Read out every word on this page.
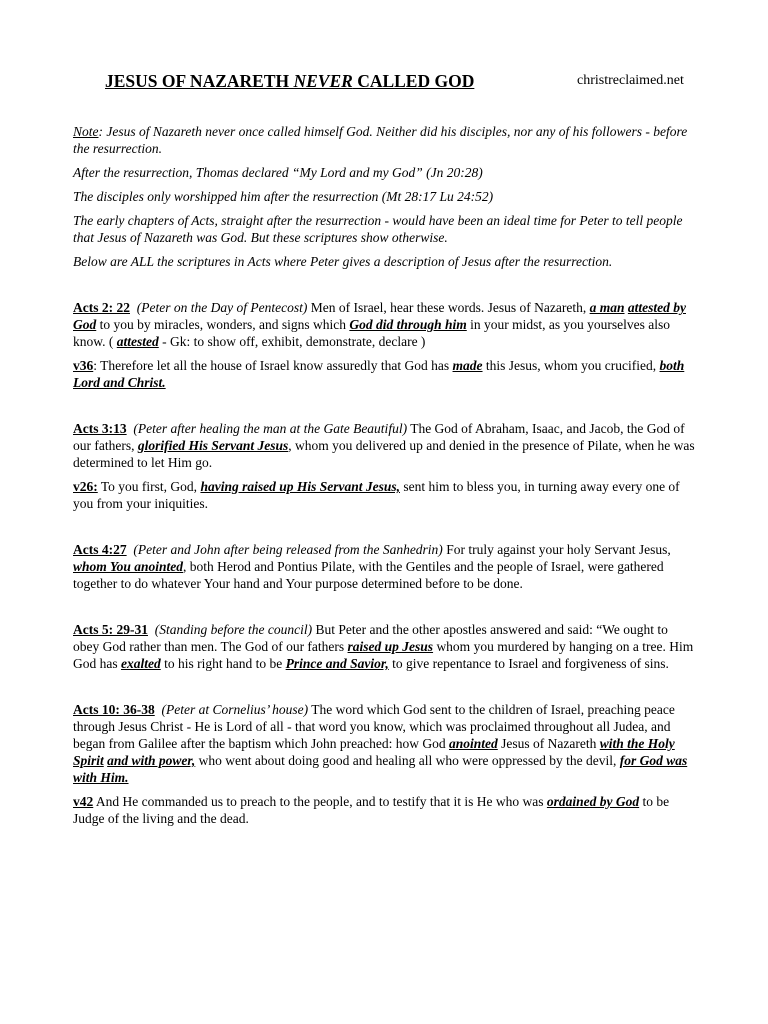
JESUS OF NAZARETH NEVER CALLED GOD	christreclaimed.net

Note: Jesus of Nazareth never once called himself God. Neither did his disciples, nor any of his followers - before the resurrection.

After the resurrection, Thomas declared “My Lord and my God” (Jn 20:28)

The disciples only worshipped him after the resurrection (Mt 28:17 Lu 24:52)

The early chapters of Acts, straight after the resurrection - would have been an ideal time for Peter to tell people that Jesus of Nazareth was God. But these scriptures show otherwise.

Below are ALL the scriptures in Acts where Peter gives a description of Jesus after the resurrection.

Acts 2: 22 (Peter on the Day of Pentecost) Men of Israel, hear these words. Jesus of Nazareth, a man attested by God to you by miracles, wonders, and signs which God did through him in your midst, as you yourselves also know. ( attested - Gk: to show off, exhibit, demonstrate, declare )

v36: Therefore let all the house of Israel know assuredly that God has made this Jesus, whom you crucified, both Lord and Christ.

Acts 3:13 (Peter after healing the man at the Gate Beautiful) The God of Abraham, Isaac, and Jacob, the God of our fathers, glorified His Servant Jesus, whom you delivered up and denied in the presence of Pilate, when he was determined to let Him go.

v26: To you first, God, having raised up His Servant Jesus, sent him to bless you, in turning away every one of you from your iniquities.

Acts 4:27 (Peter and John after being released from the Sanhedrin) For truly against your holy Servant Jesus, whom You anointed, both Herod and Pontius Pilate, with the Gentiles and the people of Israel, were gathered together to do whatever Your hand and Your purpose determined before to be done.

Acts 5: 29-31 (Standing before the council) But Peter and the other apostles answered and said: “We ought to obey God rather than men. The God of our fathers raised up Jesus whom you murdered by hanging on a tree. Him God has exalted to his right hand to be Prince and Savior, to give repentance to Israel and forgiveness of sins.

Acts 10: 36-38 (Peter at Cornelius’ house) The word which God sent to the children of Israel, preaching peace through Jesus Christ - He is Lord of all - that word you know, which was proclaimed throughout all Judea, and began from Galilee after the baptism which John preached: how God anointed Jesus of Nazareth with the Holy Spirit and with power, who went about doing good and healing all who were oppressed by the devil, for God was with Him.

v42 And He commanded us to preach to the people, and to testify that it is He who was ordained by God to be Judge of the living and the dead.
